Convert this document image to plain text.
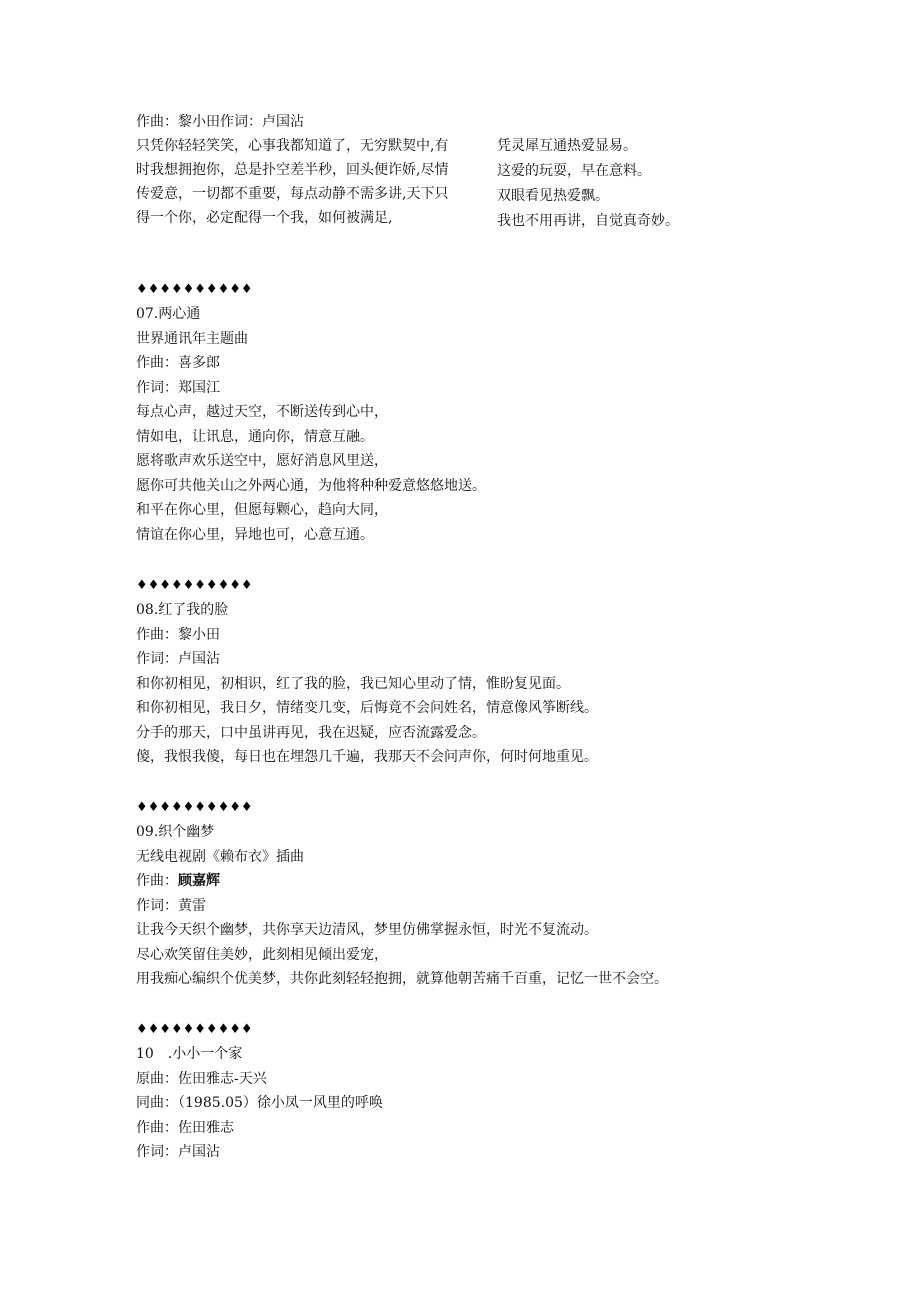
作曲：黎小田作词：卢国沾
只凭你轻轻笑笑，心事我都知道了，无穷默契中,有
时我想拥抱你，总是扑空差半秒，回头便诈娇,尽情
传爱意，一切都不重要，每点动静不需多讲,天下只
得一个你，必定配得一个我，如何被满足,
凭灵犀互通热爱显易。
这爱的玩耍，早在意料。
双眼看见热爱飘。
我也不用再讲，自觉真奇妙。
♦♦♦♦♦♦♦♦♦♦
07.两心通
世界通讯年主题曲
作曲：喜多郎
作词：郑国江
每点心声，越过天空，不断送传到心中，
情如电，让讯息，通向你，情意互融。
愿将歌声欢乐送空中，愿好消息风里送，
愿你可共他关山之外两心通，为他将种种爱意悠悠地送。
和平在你心里，但愿每颗心，趋向大同，
情谊在你心里，异地也可，心意互通。
♦♦♦♦♦♦♦♦♦♦
08.红了我的脸
作曲：黎小田
作词：卢国沾
和你初相见，初相识，红了我的脸，我已知心里动了情，惟盼复见面。
和你初相见，我日夕，情绪变几变，后悔竟不会问姓名，情意像风筝断线。
分手的那天，口中虽讲再见，我在迟疑，应否流露爱念。
傻，我恨我傻，每日也在埋怨几千遍，我那天不会问声你，何时何地重见。
♦♦♦♦♦♦♦♦♦♦
09.织个幽梦
无线电视剧《赖布衣》插曲
作曲：顾嘉辉
作词：黄雷
让我今天织个幽梦，共你享天边清风，梦里仿佛掌握永恒，时光不复流动。
尽心欢笑留住美妙，此刻相见倾出爱宠，
用我痴心编织个优美梦，共你此刻轻轻抱拥，就算他朝苦痛千百重，记忆一世不会空。
♦♦♦♦♦♦♦♦♦♦
10　.小小一个家
原曲：佐田雅志-天兴
同曲：（1985.05）徐小凤一风里的呼唤
作曲：佐田雅志
作词：卢国沾
